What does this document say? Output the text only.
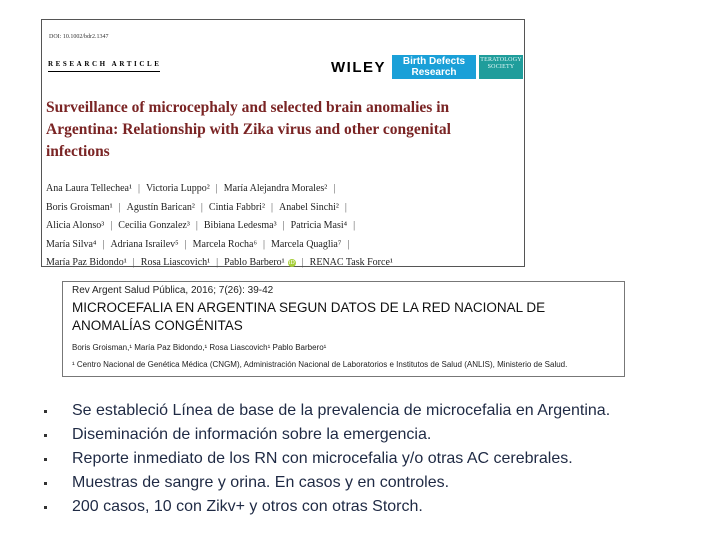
DOI: 10.1002/bdr2.1347
RESEARCH ARTICLE	WILEY	Birth Defects
Research
TERATOLOGY
SOCIETY
Surveillance of microcephaly and selected brain anomalies in Argentina: Relationship with Zika virus and other congenital infections
Ana Laura Tellechea¹ | Victoria Luppo² | María Alejandra Morales² |
Boris Groisman¹ | Agustín Barican² | Cintia Fabbri² | Anabel Sinchi² |
Alicia Alonso³ | Cecilia Gonzalez³ | Bibiana Ledesma³ | Patricia Masi⁴ |
María Silva⁴ | Adriana Israilev⁵ | Marcela Rocha⁶ | Marcela Quaglia⁷ |
María Paz Bidondo¹ | Rosa Liascovich¹ | Pablo Barbero¹ iD | RENAC Task Force¹
Rev Argent Salud Pública, 2016; 7(26): 39-42
MICROCEFALIA EN ARGENTINA SEGUN DATOS DE LA RED NACIONAL DE ANOMALÍAS CONGÉNITAS
Boris Groisman,¹ María Paz Bidondo,¹ Rosa Liascovich¹ Pablo Barbero¹
¹ Centro Nacional de Genética Médica (CNGM), Administración Nacional de Laboratorios e Institutos de Salud (ANLIS), Ministerio de Salud.
Se estableció Línea de base de la prevalencia de microcefalia en Argentina.
Diseminación de información sobre la emergencia.
Reporte inmediato de los RN con microcefalia y/o otras AC cerebrales.
Muestras de sangre y orina. En casos y en controles.
200 casos, 10 con Zikv+ y otros con otras Storch.
